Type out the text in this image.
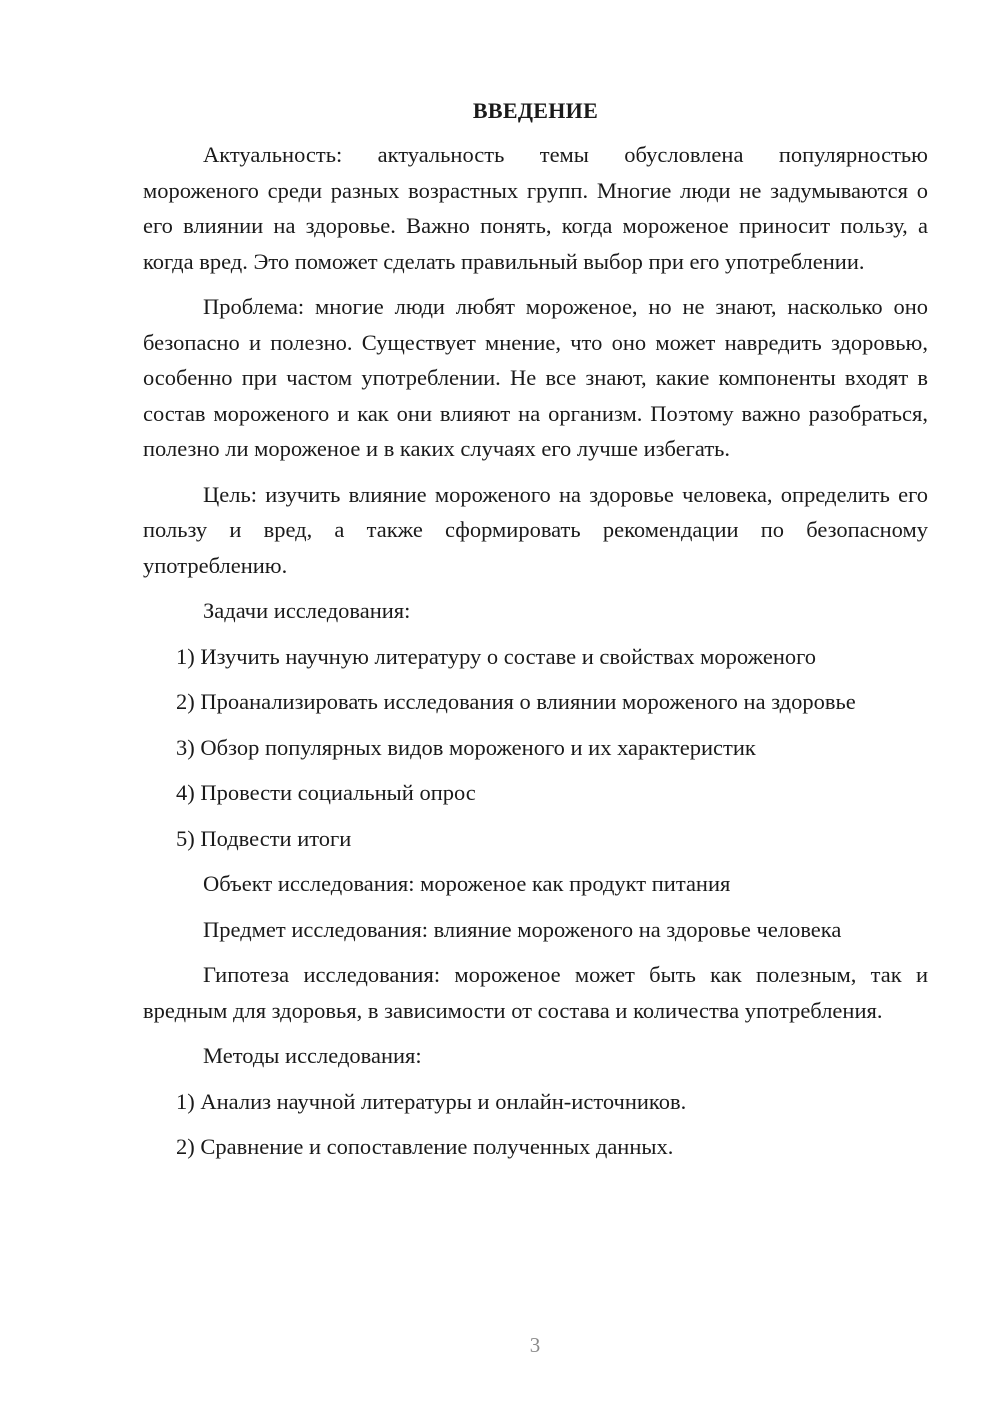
ВВЕДЕНИЕ

Актуальность: актуальность темы обусловлена популярностью мороженого среди разных возрастных групп. Многие люди не задумываются о его влиянии на здоровье. Важно понять, когда мороженое приносит пользу, а когда вред. Это поможет сделать правильный выбор при его употреблении.

Проблема: многие люди любят мороженое, но не знают, насколько оно безопасно и полезно. Существует мнение, что оно может навредить здоровью, особенно при частом употреблении. Не все знают, какие компоненты входят в состав мороженого и как они влияют на организм. Поэтому важно разобраться, полезно ли мороженое и в каких случаях его лучше избегать.

Цель: изучить влияние мороженого на здоровье человека, определить его пользу и вред, а также сформировать рекомендации по безопасному употреблению.

Задачи исследования:

1) Изучить научную литературу о составе и свойствах мороженого

2) Проанализировать исследования о влиянии мороженого на здоровье

3) Обзор популярных видов мороженого и их характеристик

4) Провести социальный опрос

5) Подвести итоги

Объект исследования: мороженое как продукт питания
Предмет исследования: влияние мороженого на здоровье человека

Гипотеза исследования: мороженое может быть как полезным, так и вредным для здоровья, в зависимости от состава и количества употребления.

Методы исследования:

1) Анализ научной литературы и онлайн-источников.

2) Сравнение и сопоставление полученных данных.

3
